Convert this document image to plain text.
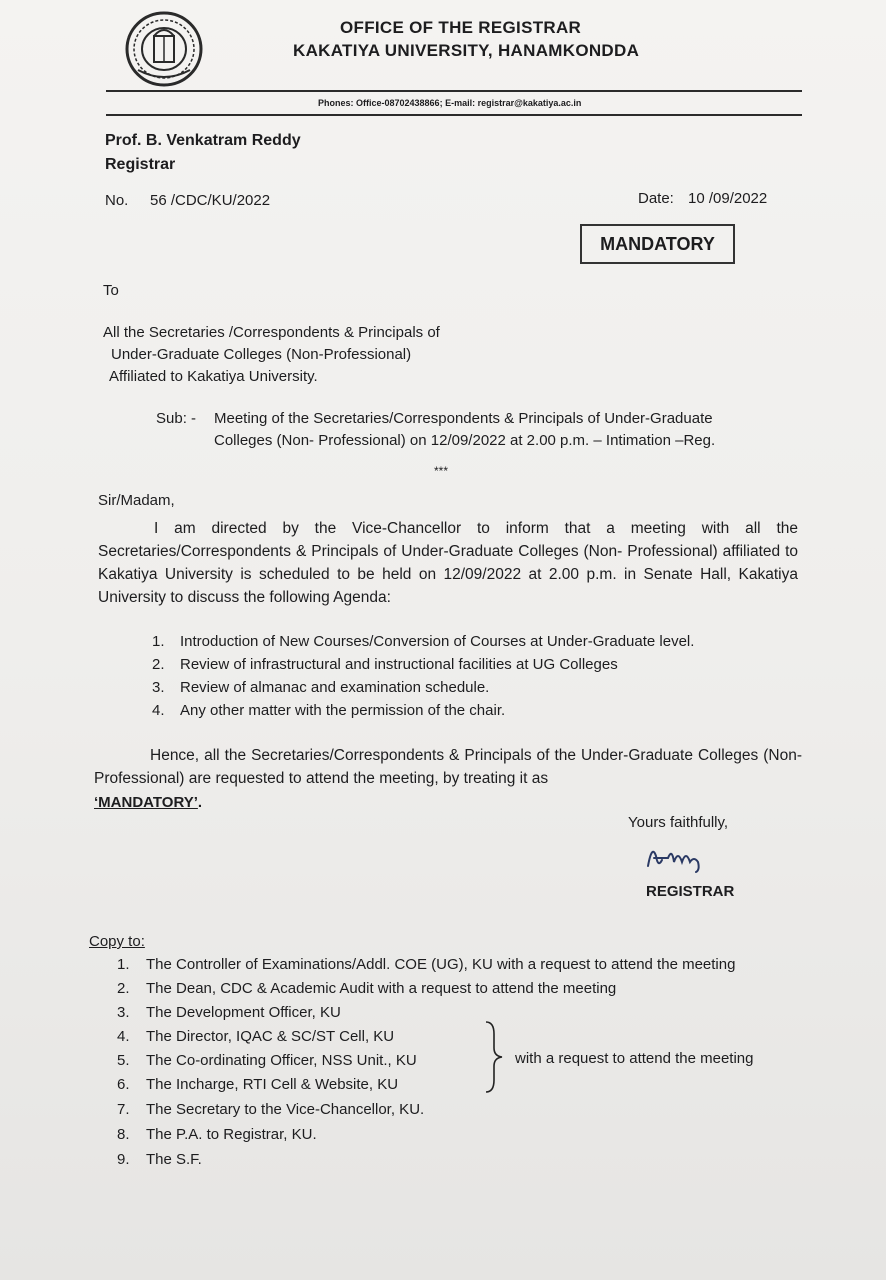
OFFICE OF THE REGISTRAR
KAKATIYA UNIVERSITY, HANAMKONDDA
Phones: Office-08702438866; E-mail: registrar@kakatiya.ac.in
Prof. B. Venkatram Reddy
Registrar
No. 56 /CDC/KU/2022	Date: 10 /09/2022
MANDATORY
To
All the Secretaries /Correspondents & Principals of
Under-Graduate Colleges (Non-Professional)
Affiliated to Kakatiya University.
Sub: - Meeting of the Secretaries/Correspondents & Principals of Under-Graduate
Colleges (Non- Professional) on 12/09/2022 at 2.00 p.m. – Intimation –Reg.
***
Sir/Madam,
I am directed by the Vice-Chancellor to inform that a meeting with all the Secretaries/Correspondents & Principals of Under-Graduate Colleges (Non- Professional) affiliated to Kakatiya University is scheduled to be held on 12/09/2022 at 2.00 p.m. in Senate Hall, Kakatiya University to discuss the following Agenda:
1. Introduction of New Courses/Conversion of Courses at Under-Graduate level.
2. Review of infrastructural and instructional facilities at UG Colleges
3. Review of almanac and examination schedule.
4. Any other matter with the permission of the chair.
Hence, all the Secretaries/Correspondents & Principals of the Under-Graduate Colleges (Non- Professional) are requested to attend the meeting, by treating it as
‘MANDATORY’.
Yours faithfully,
REGISTRAR
Copy to:
1. The Controller of Examinations/Addl. COE (UG), KU with a request to attend the meeting
2. The Dean, CDC & Academic Audit with a request to attend the meeting
3. The Development Officer, KU
4. The Director, IQAC & SC/ST Cell, KU
5. The Co-ordinating Officer, NSS Unit., KU
6. The Incharge, RTI Cell & Website, KU
7. The Secretary to the Vice-Chancellor, KU.
8. The P.A. to Registrar, KU.
9. The S.F.
with a request to attend the meeting
